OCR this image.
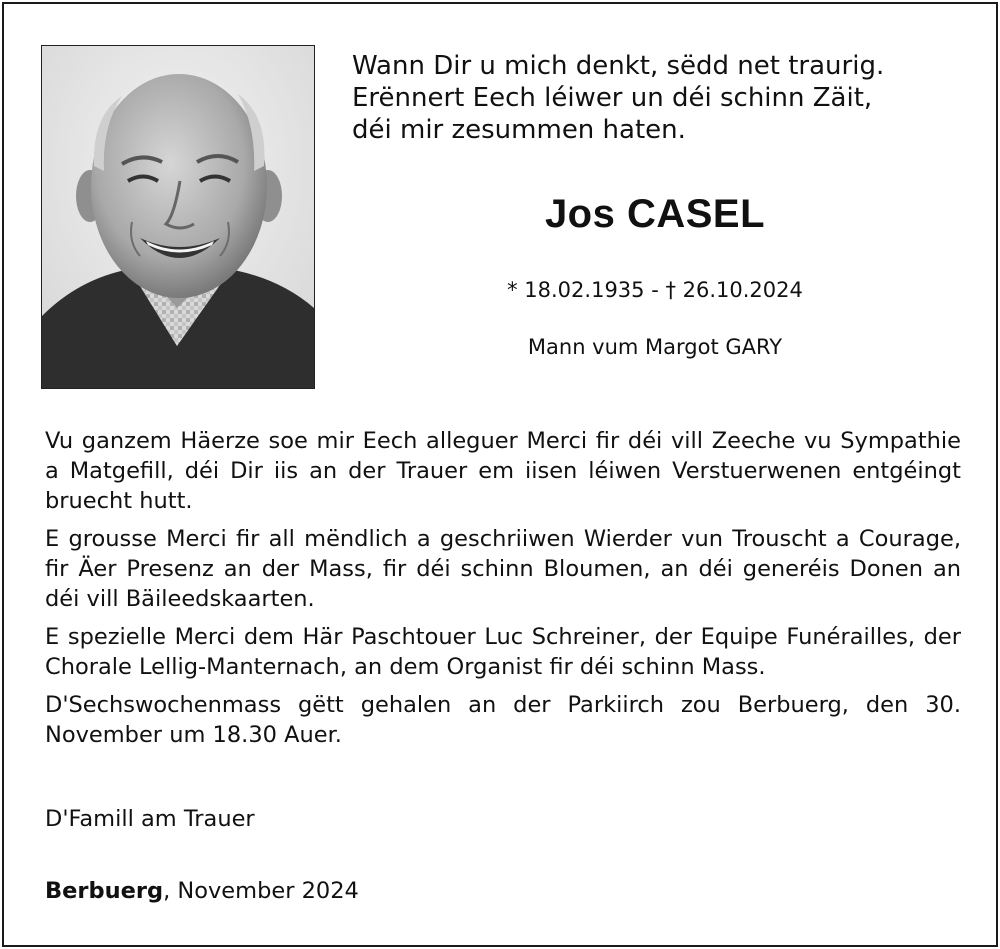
Wann Dir u mich denkt, sëdd net traurig.
Erënnert Eech léiwer un déi schinn Zäit,
déi mir zesummen haten.
Jos CASEL
* 18.02.1935 - † 26.10.2024
Mann vum Margot GARY

Vu ganzem Häerze soe mir Eech alleguer Merci fir déi vill Zeeche vu Sympathie a Matgefill, déi Dir iis an der Trauer em iisen léiwen Verstuerwenen entgéingt bruecht hutt.

E grousse Merci fir all mëndlich a geschriiwen Wierder vun Trouscht a Courage, fir Äer Presenz an der Mass, fir déi schinn Bloumen, an déi generéis Donen an déi vill Bäileedskaarten.

E spezielle Merci dem Här Paschtouer Luc Schreiner, der Equipe Funérailles, der Chorale Lellig-Manternach, an dem Organist fir déi schinn Mass.

D'Sechswochenmass gëtt gehalen an der Parkiirch zou Berbuerg, den 30. November um 18.30 Auer.

D'Famill am Trauer
Berbuerg, November 2024
